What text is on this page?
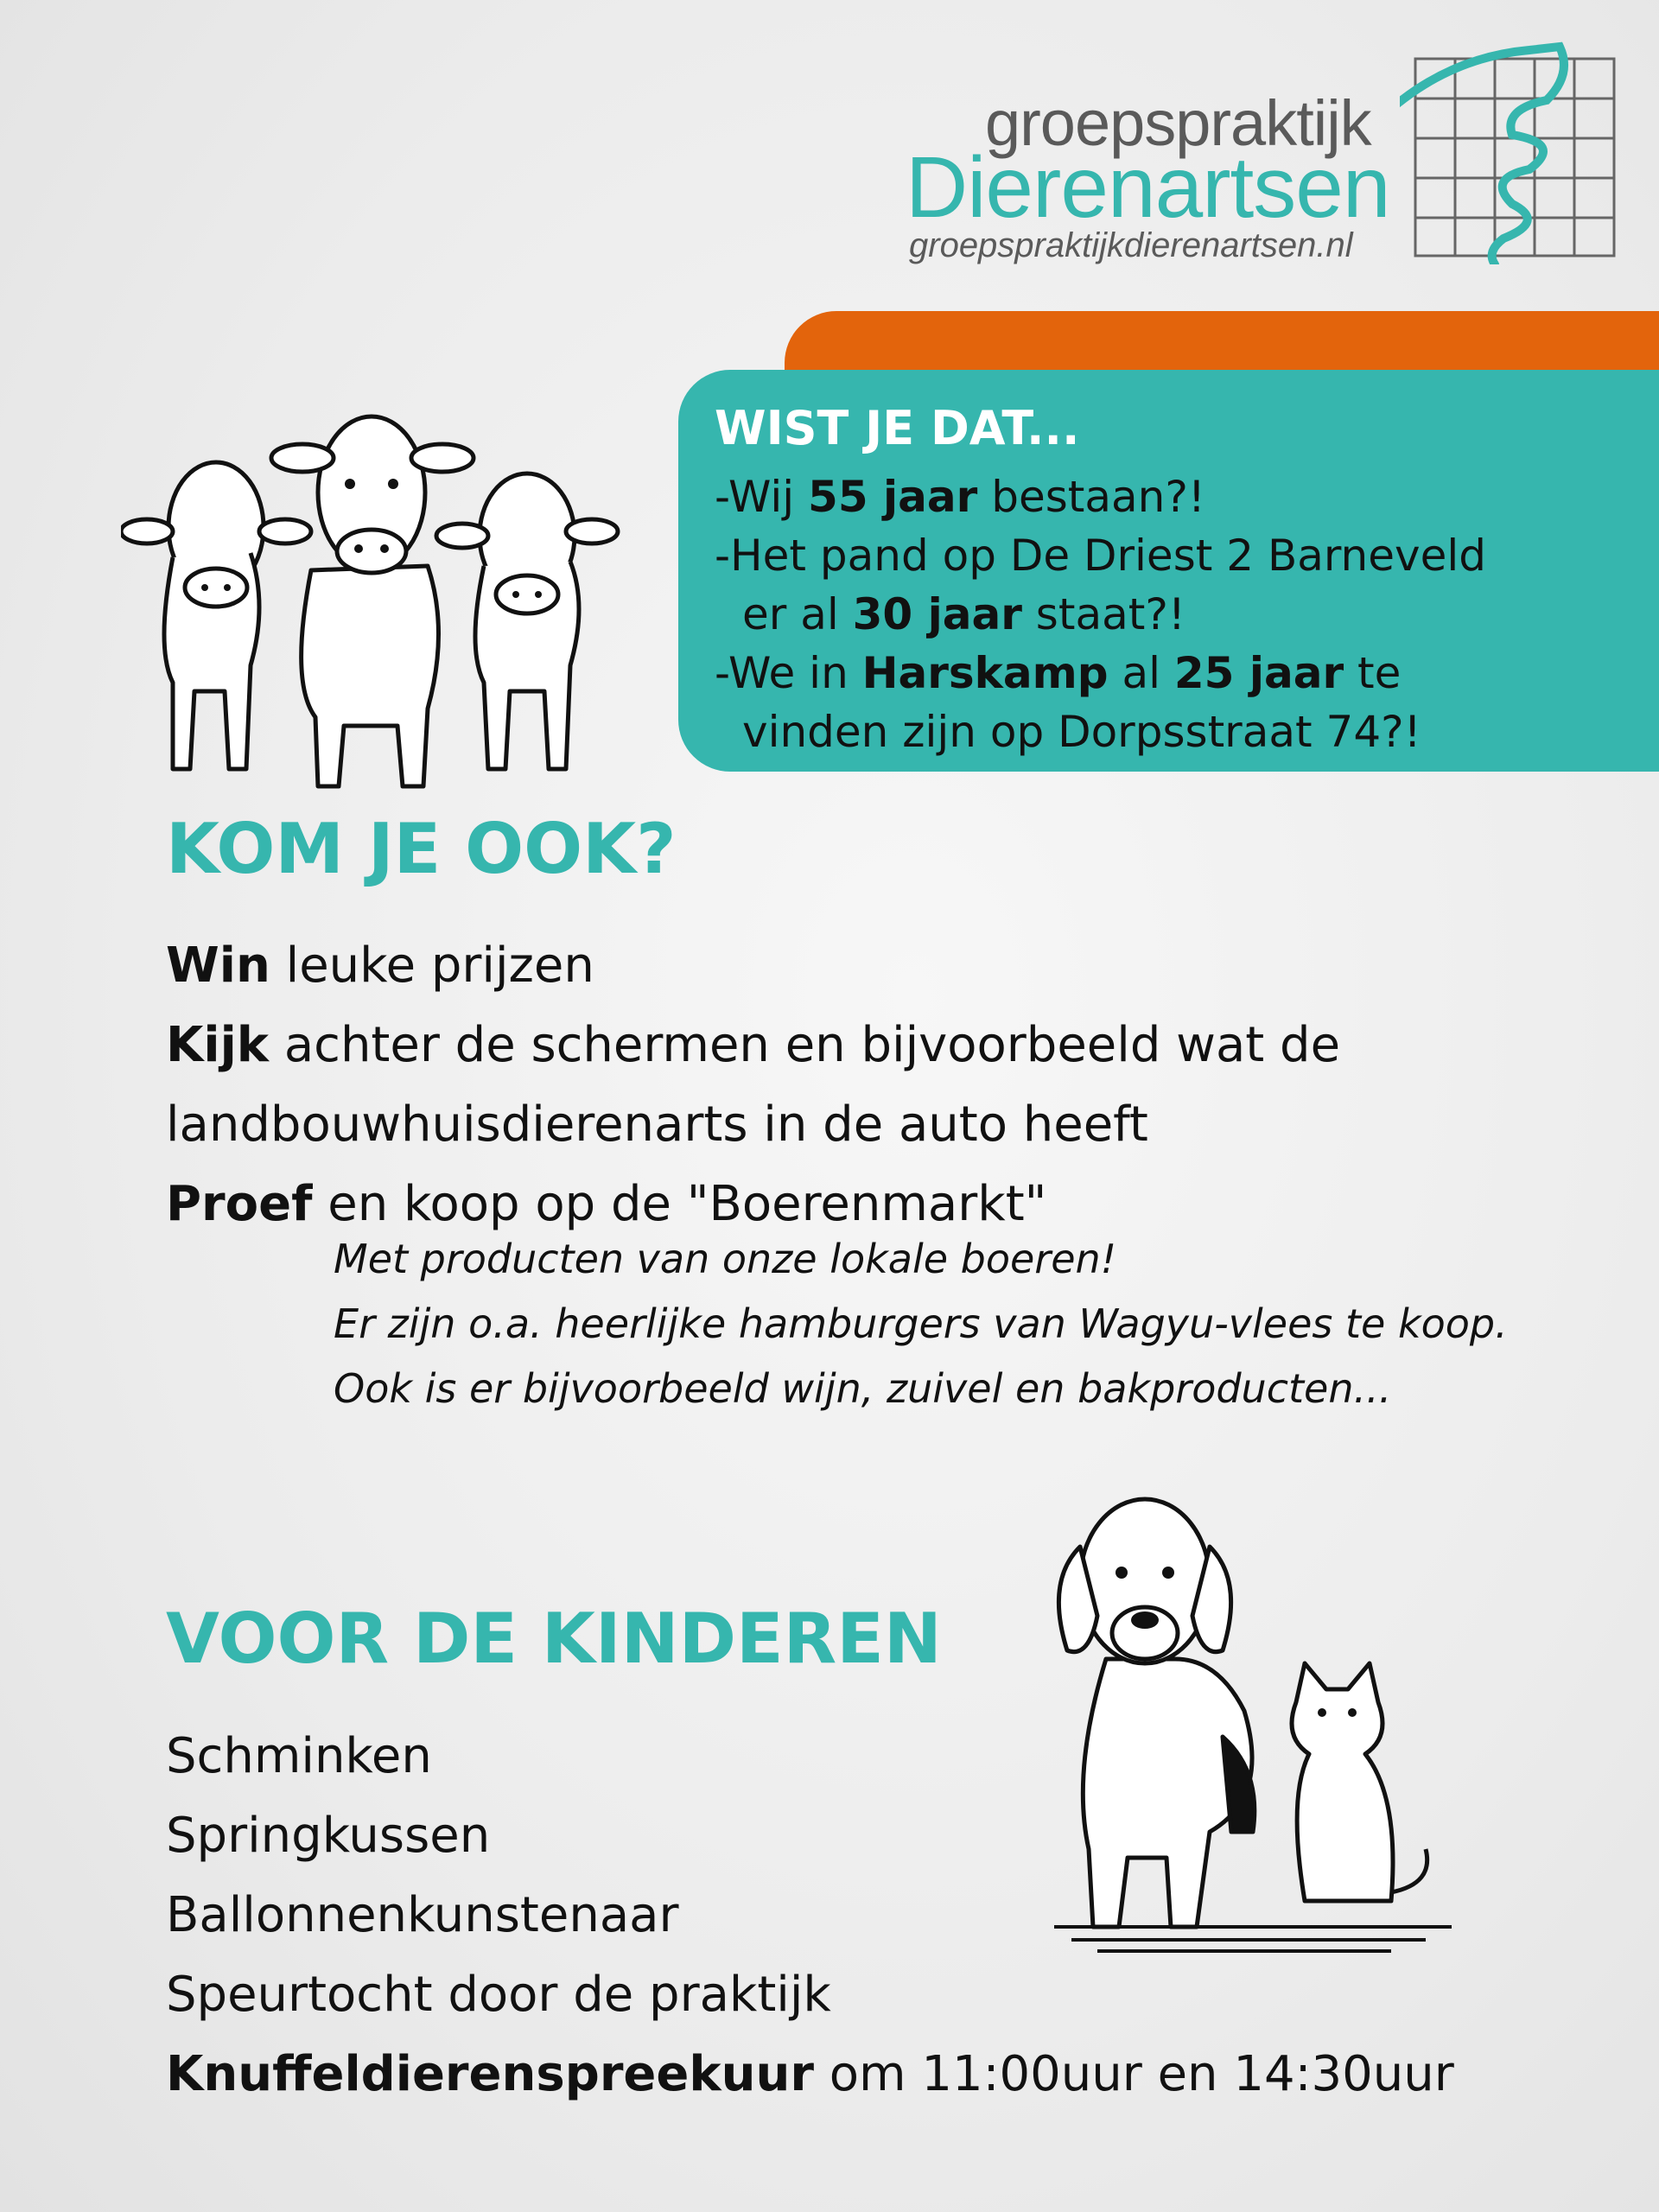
groepspraktijk
Dierenartsen
groepspraktijkdierenartsen.nl
WIST JE DAT...
-Wij 55 jaar bestaan?!
-Het pand op De Driest 2 Barneveld
er al 30 jaar staat?!
-We in Harskamp al 25 jaar te
vinden zijn op Dorpsstraat 74?!
KOM JE OOK?
Win leuke prijzen
Kijk achter de schermen en bijvoorbeeld wat de
landbouwhuisdierenarts in de auto heeft
Proef en koop op de "Boerenmarkt"
Met producten van onze lokale boeren!
Er zijn o.a. heerlijke hamburgers van Wagyu-vlees te koop.
Ook is er bijvoorbeeld wijn, zuivel en bakproducten...
VOOR DE KINDEREN
Schminken
Springkussen
Ballonnenkunstenaar
Speurtocht door de praktijk
Knuffeldierenspreekuur om 11:00uur en 14:30uur
